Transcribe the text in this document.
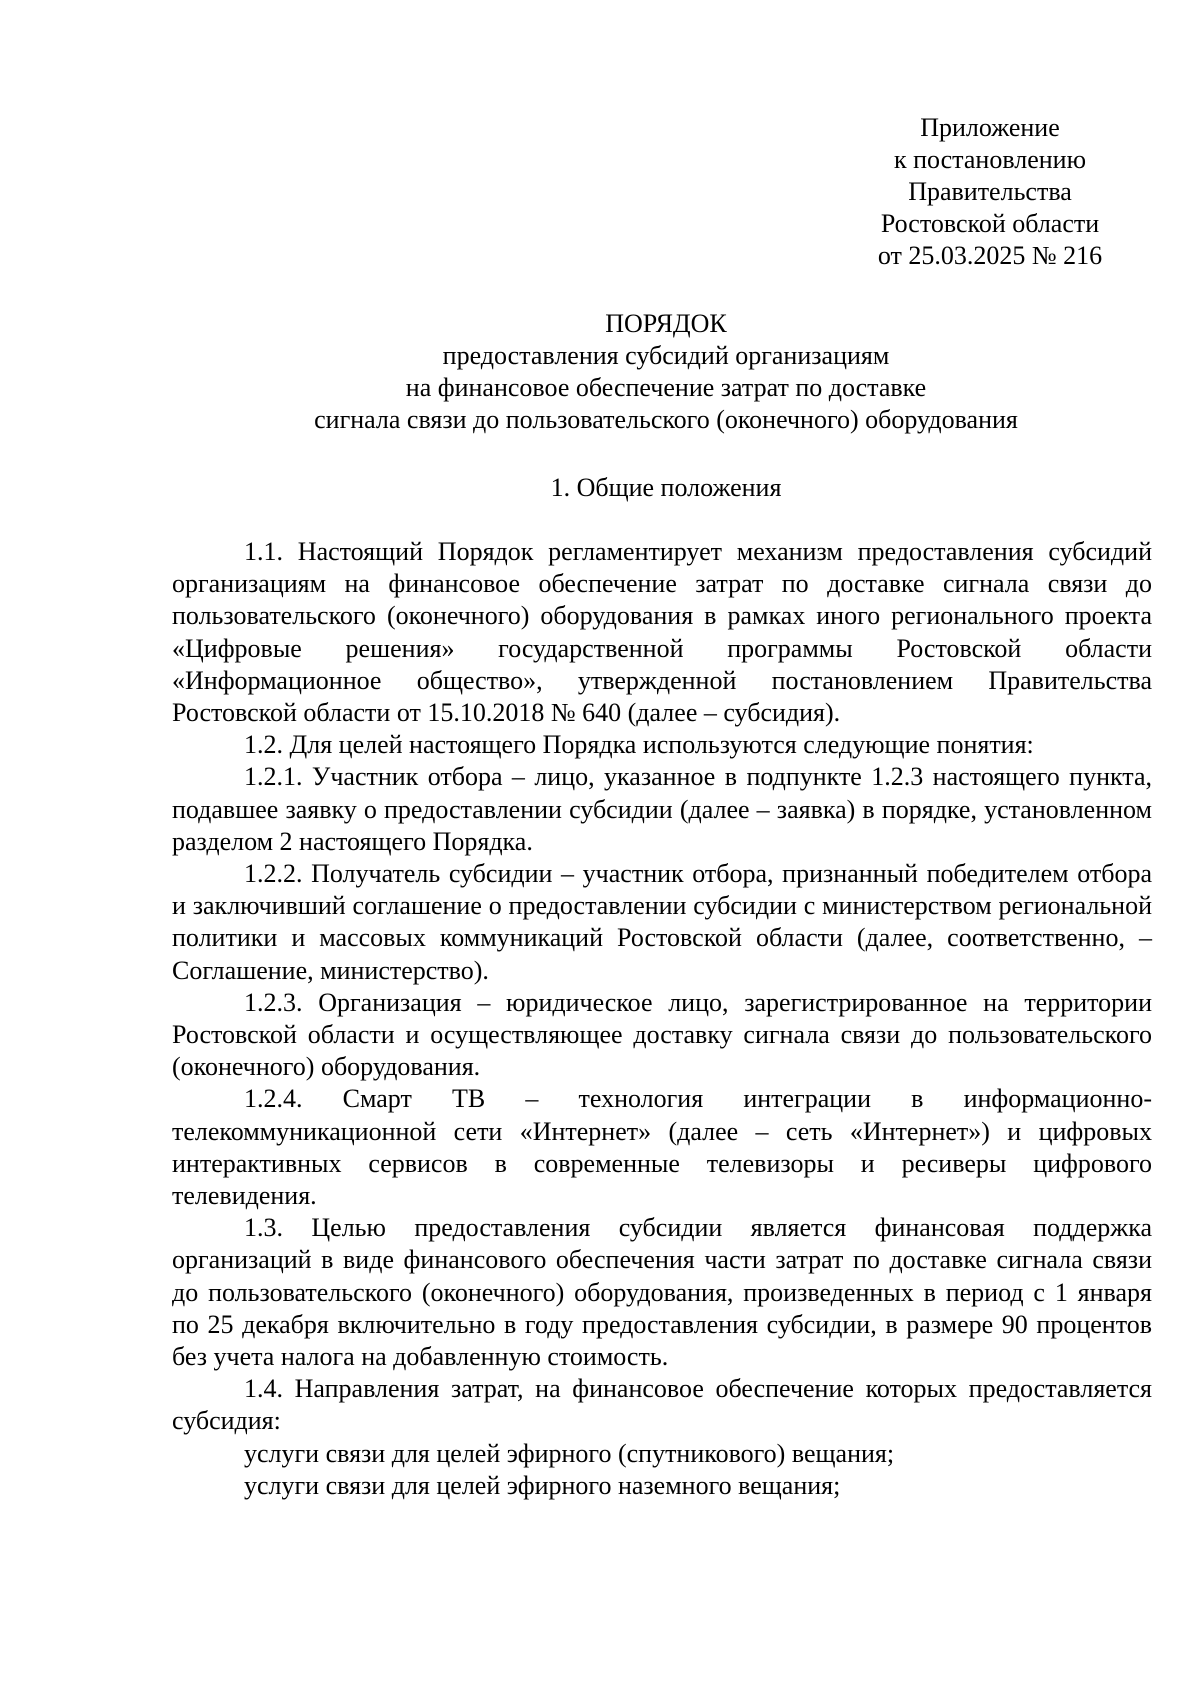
Приложение
к постановлению
Правительства
Ростовской области
от 25.03.2025 № 216
ПОРЯДОК
предоставления субсидий организациям
на финансовое обеспечение затрат по доставке
сигнала связи до пользовательского (оконечного) оборудования
1. Общие положения

1.1. Настоящий Порядок регламентирует механизм предоставления субсидий организациям на финансовое обеспечение затрат по доставке сигнала связи до пользовательского (оконечного) оборудования в рамках иного регионального проекта «Цифровые решения» государственной программы Ростовской области «Информационное общество», утвержденной постановлением Правительства Ростовской области от 15.10.2018 № 640 (далее – субсидия).

1.2. Для целей настоящего Порядка используются следующие понятия:

1.2.1. Участник отбора – лицо, указанное в подпункте 1.2.3 настоящего пункта, подавшее заявку о предоставлении субсидии (далее – заявка) в порядке, установленном разделом 2 настоящего Порядка.

1.2.2. Получатель субсидии – участник отбора, признанный победителем отбора и заключивший соглашение о предоставлении субсидии с министерством региональной политики и массовых коммуникаций Ростовской области (далее, соответственно, – Соглашение, министерство).

1.2.3. Организация – юридическое лицо, зарегистрированное на территории Ростовской области и осуществляющее доставку сигнала связи до пользовательского (оконечного) оборудования.

1.2.4. Смарт ТВ – технология интеграции в информационно-телекоммуникационной сети «Интернет» (далее – сеть «Интернет») и цифровых интерактивных сервисов в современные телевизоры и ресиверы цифрового телевидения.

1.3. Целью предоставления субсидии является финансовая поддержка организаций в виде финансового обеспечения части затрат по доставке сигнала связи до пользовательского (оконечного) оборудования, произведенных в период с 1 января по 25 декабря включительно в году предоставления субсидии, в размере 90 процентов без учета налога на добавленную стоимость.

1.4. Направления затрат, на финансовое обеспечение которых предоставляется субсидия:

услуги связи для целей эфирного (спутникового) вещания;

услуги связи для целей эфирного наземного вещания;
